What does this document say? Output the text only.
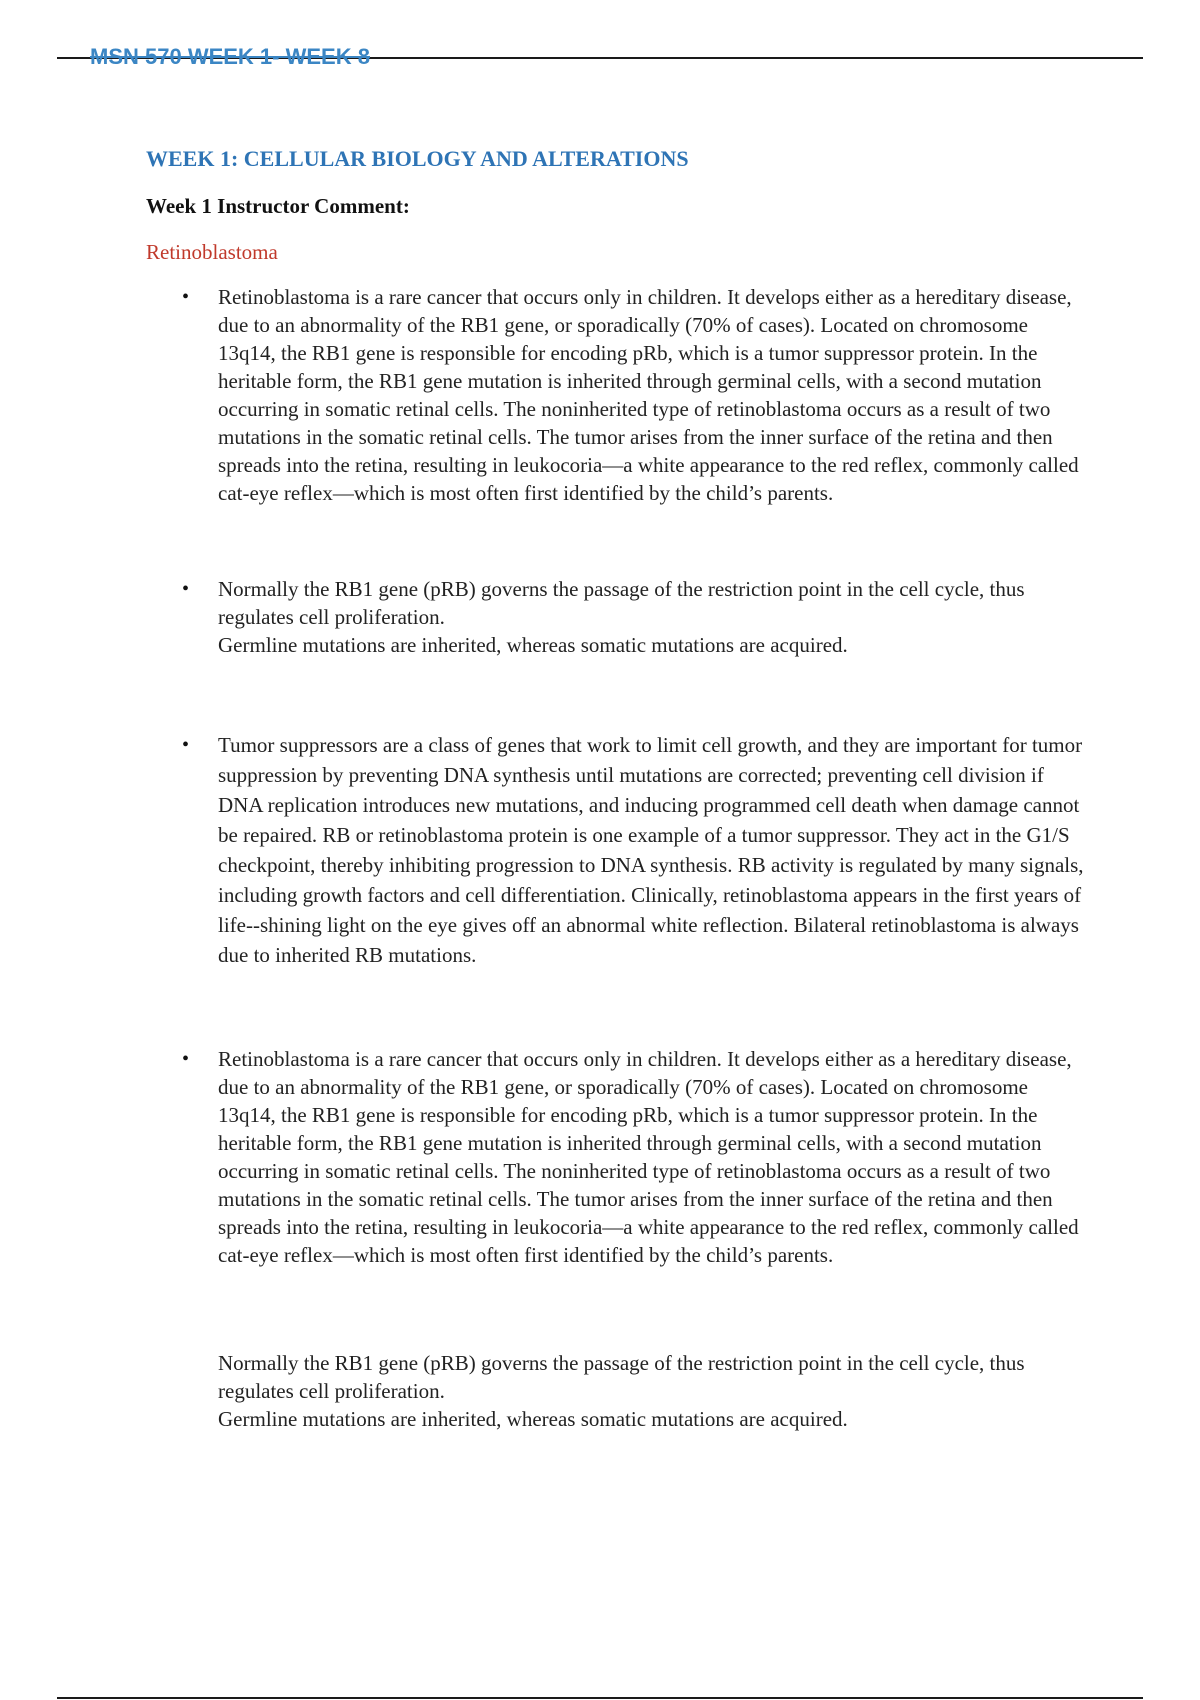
MSN 570 WEEK 1- WEEK 8
WEEK 1: CELLULAR BIOLOGY AND ALTERATIONS
Week 1 Instructor Comment:
Retinoblastoma
•	Retinoblastoma is a rare cancer that occurs only in children. It develops either as a hereditary disease, due to an abnormality of the RB1 gene, or sporadically (70% of cases). Located on chromosome 13q14, the RB1 gene is responsible for encoding pRb, which is a tumor suppressor protein. In the heritable form, the RB1 gene mutation is inherited through germinal cells, with a second mutation occurring in somatic retinal cells. The noninherited type of retinoblastoma occurs as a result of two mutations in the somatic retinal cells. The tumor arises from the inner surface of the retina and then spreads into the retina, resulting in leukocoria—a white appearance to the red reflex, commonly called cat-eye reflex—which is most often first identified by the child’s parents.

•	Normally the RB1 gene (pRB) governs the passage of the restriction point in the cell cycle, thus regulates cell proliferation.

Germline mutations are inherited, whereas somatic mutations are acquired.

•	Tumor suppressors are a class of genes that work to limit cell growth, and they are important for tumor suppression by preventing DNA synthesis until mutations are corrected; preventing cell division if DNA replication introduces new mutations, and inducing programmed cell death when damage cannot be repaired. RB or retinoblastoma protein is one example of a tumor suppressor. They act in the G1/S checkpoint, thereby inhibiting progression to DNA synthesis. RB activity is regulated by many signals, including growth factors and cell differentiation. Clinically, retinoblastoma appears in the first years of life--shining light on the eye gives off an abnormal white reflection. Bilateral retinoblastoma is always due to inherited RB mutations.

•	Retinoblastoma is a rare cancer that occurs only in children. It develops either as a hereditary disease, due to an abnormality of the RB1 gene, or sporadically (70% of cases). Located on chromosome 13q14, the RB1 gene is responsible for encoding pRb, which is a tumor suppressor protein. In the heritable form, the RB1 gene mutation is inherited through germinal cells, with a second mutation occurring in somatic retinal cells. The noninherited type of retinoblastoma occurs as a result of two mutations in the somatic retinal cells. The tumor arises from the inner surface of the retina and then spreads into the retina, resulting in leukocoria—a white appearance to the red reflex, commonly called cat-eye reflex—which is most often first identified by the child’s parents.

Normally the RB1 gene (pRB) governs the passage of the restriction point in the cell cycle, thus regulates cell proliferation.

Germline mutations are inherited, whereas somatic mutations are acquired.
